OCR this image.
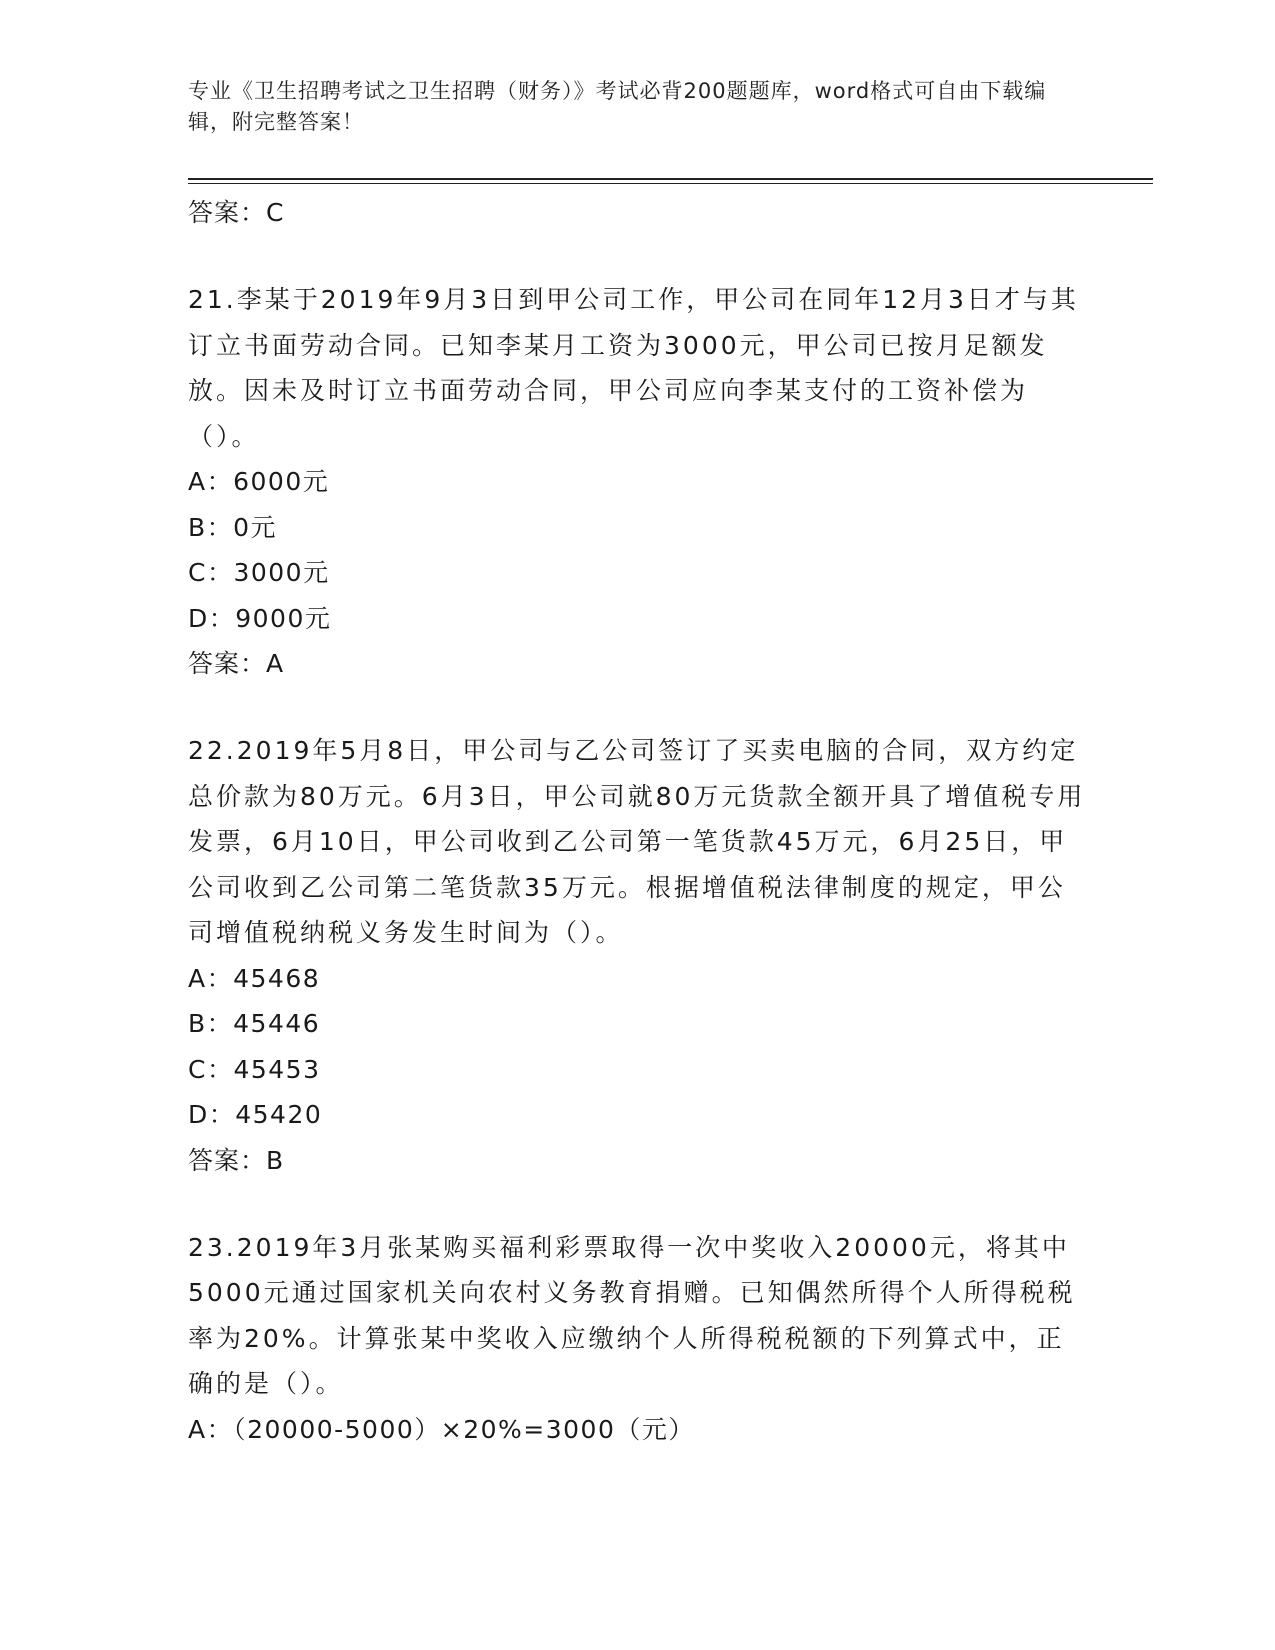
专业《卫生招聘考试之卫生招聘（财务）》考试必背200题题库，word格式可自由下载编辑，附完整答案！

答案：C

21.李某于2019年9月3日到甲公司工作，甲公司在同年12月3日才与其订立书面劳动合同。已知李某月工资为3000元，甲公司已按月足额发放。因未及时订立书面劳动合同，甲公司应向李某支付的工资补偿为（）。

A：6000元

B：0元

C：3000元

D：9000元

答案：A

22.2019年5月8日，甲公司与乙公司签订了买卖电脑的合同，双方约定总价款为80万元。6月3日，甲公司就80万元货款全额开具了增值税专用发票，6月10日，甲公司收到乙公司第一笔货款45万元，6月25日，甲公司收到乙公司第二笔货款35万元。根据增值税法律制度的规定，甲公司增值税纳税义务发生时间为（）。

A：45468

B：45446

C：45453

D：45420

答案：B

23.2019年3月张某购买福利彩票取得一次中奖收入20000元，将其中5000元通过国家机关向农村义务教育捐赠。已知偶然所得个人所得税税率为20%。计算张某中奖收入应缴纳个人所得税税额的下列算式中，正确的是（）。

A：（20000-5000）×20%=3000（元）
